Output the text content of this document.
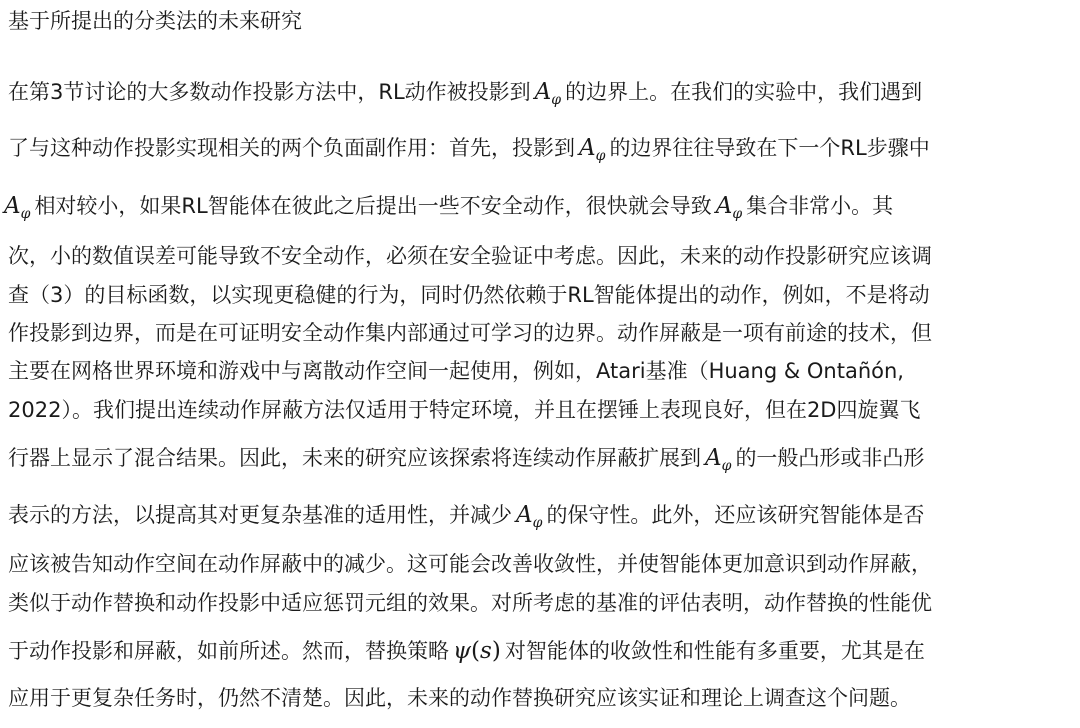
基于所提出的分类法的未来研究
在第3节讨论的大多数动作投影方法中，RL动作被投影到 $A_\varphi$ 的边界上。在我们的实验中，我们遇到
了与这种动作投影实现相关的两个负面副作用：首先，投影到 $A_\varphi$ 的边界往往导致在下一个RL步骤中
$A_\varphi$ 相对较小，如果RL智能体在彼此之后提出一些不安全动作，很快就会导致 $A_\varphi$ 集合非常小。其
次，小的数值误差可能导致不安全动作，必须在安全验证中考虑。因此，未来的动作投影研究应该调
查（3）的目标函数，以实现更稳健的行为，同时仍然依赖于RL智能体提出的动作，例如，不是将动
作投影到边界，而是在可证明安全动作集内部通过可学习的边界。动作屏蔽是一项有前途的技术，但
主要在网格世界环境和游戏中与离散动作空间一起使用，例如，Atari基准（Huang & Ontañón,
2022）。我们提出连续动作屏蔽方法仅适用于特定环境，并且在摆锤上表现良好，但在2D四旋翼飞
行器上显示了混合结果。因此，未来的研究应该探索将连续动作屏蔽扩展到 $A_\varphi$ 的一般凸形或非凸形
表示的方法，以提高其对更复杂基准的适用性，并减少 $A_\varphi$ 的保守性。此外，还应该研究智能体是否
应该被告知动作空间在动作屏蔽中的减少。这可能会改善收敛性，并使智能体更加意识到动作屏蔽，
类似于动作替换和动作投影中适应惩罚元组的效果。对所考虑的基准的评估表明，动作替换的性能优
于动作投影和屏蔽，如前所述。然而，替换策略 ψ(s) 对智能体的收敛性和性能有多重要，尤其是在
应用于更复杂任务时，仍然不清楚。因此，未来的动作替换研究应该实证和理论上调查这个问题。
